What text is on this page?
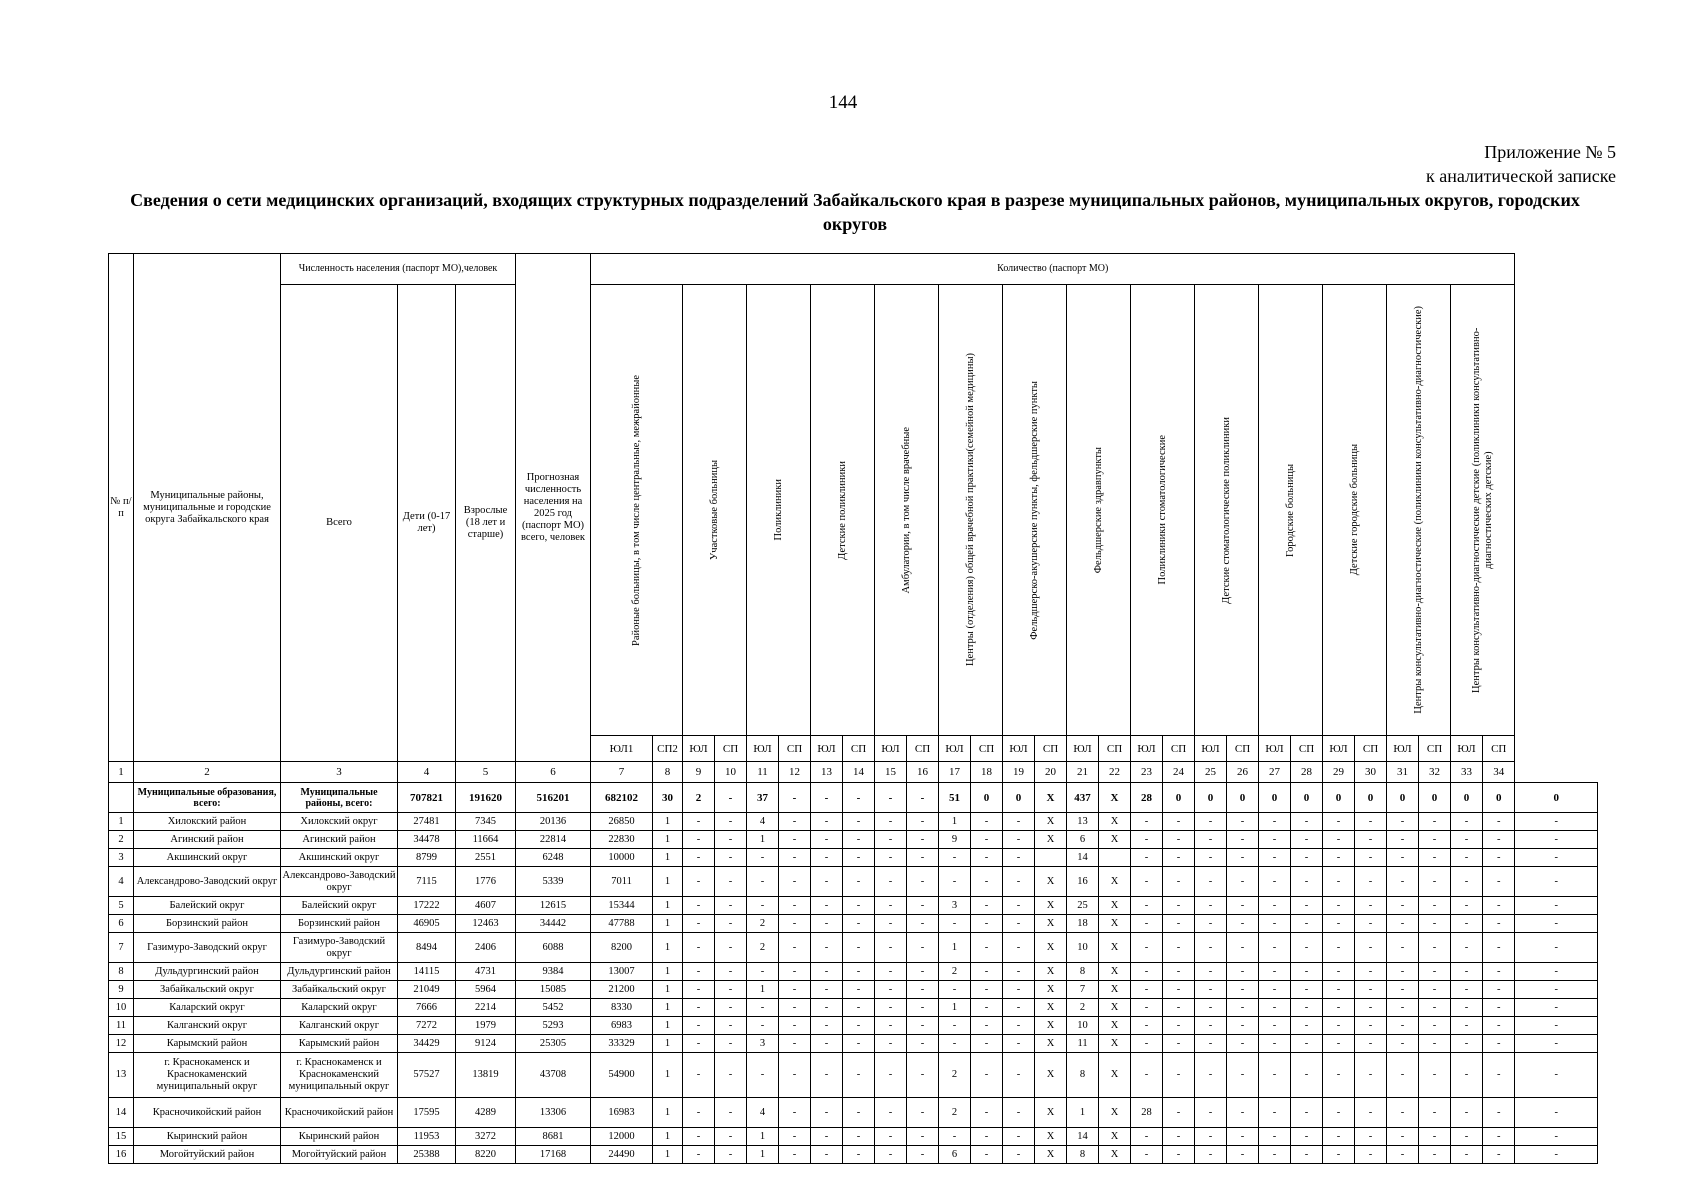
144
Приложение № 5
к аналитической записке
Сведения о сети медицинских организаций, входящих структурных подразделений Забайкальского края в разрезе муниципальных районов, муниципальных округов, городских округов
№ п/п	Муниципальные районы, муниципальные и городские округа Забайкальского края	Численность населения (паспорт МО),человек			Прогнозная численность населения на 2025 год (паспорт МО) всего, человек	Количество (паспорт МО)																												
		Всего	Дети (0-17 лет)	Взрослые (18 лет и старше)		Районые больницы, в том числе центральные, межрайонные		Участковые больницы		Поликлиники		Детские поликлиники		Амбулатории, в том числе врачебные		Центры (отделения) общей врачебной практики(семейной медицины)		Фельдшерско-акушерские пункты, фельдшерские пункты		Фельдшерские здравпункты		Поликлиники стоматологические		Детские стоматологические поликлиники		Городские больницы		Детские городские больницы		Центры консультативно-диагностические (поликлиники консультативно-диагностические)		Центры консультативно-диагностические детские (поликлиники консультативно-диагностических детские)		

						ЮЛ1	СП2	ЮЛ	СП	ЮЛ	СП	ЮЛ	СП	ЮЛ	СП	ЮЛ	СП	ЮЛ	СП	ЮЛ	СП	ЮЛ	СП	ЮЛ	СП	ЮЛ	СП	ЮЛ	СП	ЮЛ	СП	ЮЛ	СП	
1	2	3	4	5	6	7	8	9	10	11	12	13	14	15	16	17	18	19	20	21	22	23	24	25	26	27	28	29	30	31	32	33	34	
	Муниципальные образования, всего:	Муниципальные районы, всего:	707821	191620	516201	682102	30	2	-	37	-	-	-	-	-	51	0	0	Х	437	Х	28	0	0	0	0	0	0	0	0	0	0	0	0
1	Хилокский район	Хилокский округ	27481	7345	20136	26850	1	-	-	4	-	-	-	-	-	1	-	-	Х	13	Х	-	-	-	-	-	-	-	-	-	-	-	-	-
2	Агинский район	Агинский район	34478	11664	22814	22830	1	-	-	1	-	-	-	-	-	9	-	-	Х	6	Х	-	-	-	-	-	-	-	-	-	-	-	-	-
3	Акшинский округ	Акшинский округ	8799	2551	6248	10000	1	-	-	-	-	-	-	-	-	-	-	-		14		-	-	-	-	-	-	-	-	-	-	-	-	-
4	Александрово-Заводский округ	Александрово-Заводский округ	7115	1776	5339	7011	1	-	-	-	-	-	-	-	-	-	-	-	Х	16	Х	-	-	-	-	-	-	-	-	-	-	-	-	-
5	Балейский округ	Балейский округ	17222	4607	12615	15344	1	-	-	-	-	-	-	-	-	3	-	-	Х	25	Х	-	-	-	-	-	-	-	-	-	-	-	-	-
6	Борзинский район	Борзинский район	46905	12463	34442	47788	1	-	-	2	-	-	-	-	-	-	-	-	Х	18	Х	-	-	-	-	-	-	-	-	-	-	-	-	-
7	Газимуро-Заводский округ	Газимуро-Заводский округ	8494	2406	6088	8200	1	-	-	2	-	-	-	-	-	1	-	-	Х	10	Х	-	-	-	-	-	-	-	-	-	-	-	-	-
8	Дульдургинский район	Дульдургинский район	14115	4731	9384	13007	1	-	-	-	-	-	-	-	-	2	-	-	Х	8	Х	-	-	-	-	-	-	-	-	-	-	-	-	-
9	Забайкальский округ	Забайкальский округ	21049	5964	15085	21200	1	-	-	1	-	-	-	-	-	-	-	-	Х	7	Х	-	-	-	-	-	-	-	-	-	-	-	-	-
10	Каларский округ	Каларский округ	7666	2214	5452	8330	1	-	-	-	-	-	-	-	-	1	-	-	Х	2	Х	-	-	-	-	-	-	-	-	-	-	-	-	-
11	Калганский округ	Калганский округ	7272	1979	5293	6983	1	-	-	-	-	-	-	-	-	-	-	-	Х	10	Х	-	-	-	-	-	-	-	-	-	-	-	-	-
12	Карымский район	Карымский район	34429	9124	25305	33329	1	-	-	3	-	-	-	-	-	-	-	-	Х	11	Х	-	-	-	-	-	-	-	-	-	-	-	-	-
13	г. Краснокаменск и Краснокаменский муниципальный округ	г. Краснокаменск и Краснокаменский муниципальный округ	57527	13819	43708	54900	1	-	-	-	-	-	-	-	-	2	-	-	Х	8	Х	-	-	-	-	-	-	-	-	-	-	-	-	-
14	Красночикойский район	Красночикойский район	17595	4289	13306	16983	1	-	-	4	-	-	-	-	-	2	-	-	Х	1	Х	28	-	-	-	-	-	-	-	-	-	-	-	-
15	Кыринский район	Кыринский район	11953	3272	8681	12000	1	-	-	1	-	-	-	-	-	-	-	-	Х	14	Х	-	-	-	-	-	-	-	-	-	-	-	-	-
16	Могойтуйский район	Могойтуйский район	25388	8220	17168	24490	1	-	-	1	-	-	-	-	-	6	-	-	Х	8	Х	-	-	-	-	-	-	-	-	-	-	-	-	-
